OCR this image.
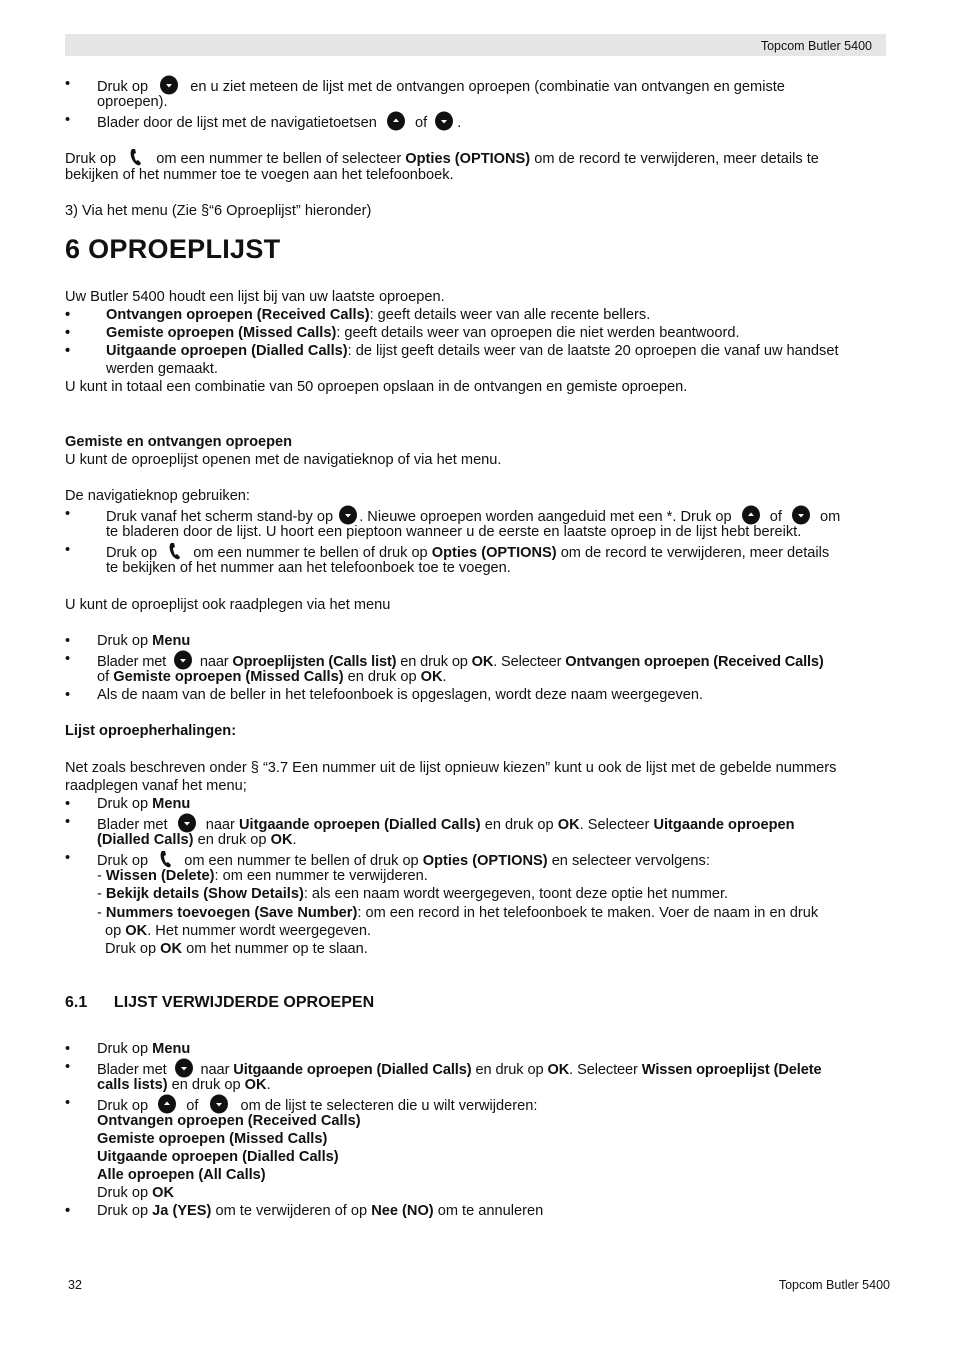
Topcom Butler 5400
• Druk op	en u ziet meteen de lijst met de ontvangen oproepen (combinatie van ontvangen en gemiste
oproepen).
• Blader door de lijst met de navigatietoetsen	of .
Druk op	om een nummer te bellen of selecteer Opties (OPTIONS) om de record te verwijderen, meer details te
bekijken of het nummer toe te voegen aan het telefoonboek.
3) Via het menu (Zie §“6 Oproeplijst” hieronder)
6 OPROEPLIJST
Uw Butler 5400 houdt een lijst bij van uw laatste oproepen.
• Ontvangen oproepen (Received Calls): geeft details weer van alle recente bellers.
• Gemiste oproepen (Missed Calls): geeft details weer van oproepen die niet werden beantwoord.
• Uitgaande oproepen (Dialled Calls): de lijst geeft details weer van de laatste 20 oproepen die vanaf uw handset
werden gemaakt.
U kunt in totaal een combinatie van 50 oproepen opslaan in de ontvangen en gemiste oproepen.
Gemiste en ontvangen oproepen
U kunt de oproeplijst openen met de navigatieknop of via het menu.
De navigatieknop gebruiken:
• Druk vanaf het scherm stand-by op . Nieuwe oproepen worden aangeduid met een *. Druk op	of	om
te bladeren door de lijst. U hoort een pieptoon wanneer u de eerste en laatste oproep in de lijst hebt bereikt.
• Druk op om een nummer te bellen of druk op Opties (OPTIONS) om de record te verwijderen, meer details
te bekijken of het nummer aan het telefoonboek toe te voegen.
U kunt de oproeplijst ook raadplegen via het menu
• Druk op Menu
• Blader met naar Oproeplijsten (Calls list) en druk op OK. Selecteer Ontvangen oproepen (Received Calls)
of Gemiste oproepen (Missed Calls) en druk op OK.
• Als de naam van de beller in het telefoonboek is opgeslagen, wordt deze naam weergegeven.
Lijst oproepherhalingen:
Net zoals beschreven onder § “3.7 Een nummer uit de lijst opnieuw kiezen” kunt u ook de lijst met de gebelde nummers
raadplegen vanaf het menu;
• Druk op Menu
• Blader met	naar Uitgaande oproepen (Dialled Calls) en druk op OK. Selecteer Uitgaande oproepen
(Dialled Calls) en druk op OK.
• Druk op om een nummer te bellen of druk op Opties (OPTIONS) en selecteer vervolgens:
- Wissen (Delete): om een nummer te verwijderen.
- Bekijk details (Show Details): als een naam wordt weergegeven, toont deze optie het nummer.
- Nummers toevoegen (Save Number): om een record in het telefoonboek te maken. Voer de naam in en druk
op OK. Het nummer wordt weergegeven.
Druk op OK om het nummer op te slaan.
6.1      LIJST VERWIJDERDE OPROEPEN
• Druk op Menu
• Blader met naar Uitgaande oproepen (Dialled Calls) en druk op OK. Selecteer Wissen oproeplijst (Delete
calls lists) en druk op OK.
• Druk op	of	om de lijst te selecteren die u wilt verwijderen:
Ontvangen oproepen (Received Calls)
Gemiste oproepen (Missed Calls)
Uitgaande oproepen (Dialled Calls)
Alle oproepen (All Calls)
Druk op OK
• Druk op Ja (YES) om te verwijderen of op Nee (NO) om te annuleren
32	Topcom Butler 5400
